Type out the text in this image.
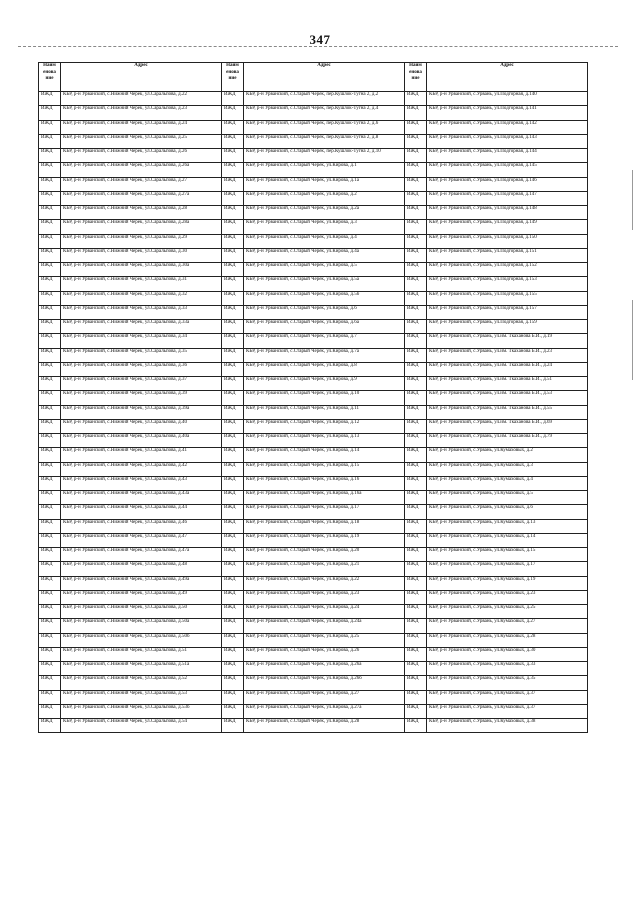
347
Наим енова ние	Адрес	Наим енова ние	Адрес	Наим енова ние	Адрес
ИЖД	КБР, р-н Урванский, с.Нижний Черек, ул.Саральпова, д.22	ИЖД	КБР, р-н Урванский, с.Старый Черек, пер.Кушлок-Тугна 2, д.2	ИЖД	КБР, р-н Урванский, с.Урвань, ул.Подгорная, д.140
ИЖД	КБР, р-н Урванский, с.Нижний Черек, ул.Саральпова, д.23	ИЖД	КБР, р-н Урванский, с.Старый Черек, пер.Кушлок-Тугна 2, д.4	ИЖД	КБР, р-н Урванский, с.Урвань, ул.Подгорная, д.141
ИЖД	КБР, р-н Урванский, с.Нижний Черек, ул.Саральпова, д.24	ИЖД	КБР, р-н Урванский, с.Старый Черек, пер.Кушлок-Тугна 2, д.6	ИЖД	КБР, р-н Урванский, с.Урвань, ул.Подгорная, д.142
ИЖД	КБР, р-н Урванский, с.Нижний Черек, ул.Саральпова, д.25	ИЖД	КБР, р-н Урванский, с.Старый Черек, пер.Кушлок-Тугна 2, д.8	ИЖД	КБР, р-н Урванский, с.Урвань, ул.Подгорная, д.143
ИЖД	КБР, р-н Урванский, с.Нижний Черек, ул.Саральпова, д.26	ИЖД	КБР, р-н Урванский, с.Старый Черек, пер.Кушлок-Тугна 2, д.10	ИЖД	КБР, р-н Урванский, с.Урвань, ул.Подгорная, д.144
ИЖД	КБР, р-н Урванский, с.Нижний Черек, ул.Саральпова, д.26а	ИЖД	КБР, р-н Урванский, с.Старый Черек, ул.Кирова, д.1	ИЖД	КБР, р-н Урванский, с.Урвань, ул.Подгорная, д.145
ИЖД	КБР, р-н Урванский, с.Нижний Черек, ул.Саральпова, д.27	ИЖД	КБР, р-н Урванский, с.Старый Черек, ул.Кирова, д.1а	ИЖД	КБР, р-н Урванский, с.Урвань, ул.Подгорная, д.146
ИЖД	КБР, р-н Урванский, с.Нижний Черек, ул.Саральпова, д.27а	ИЖД	КБР, р-н Урванский, с.Старый Черек, ул.Кирова, д.2	ИЖД	КБР, р-н Урванский, с.Урвань, ул.Подгорная, д.147
ИЖД	КБР, р-н Урванский, с.Нижний Черек, ул.Саральпова, д.28	ИЖД	КБР, р-н Урванский, с.Старый Черек, ул.Кирова, д.2а	ИЖД	КБР, р-н Урванский, с.Урвань, ул.Подгорная, д.148
ИЖД	КБР, р-н Урванский, с.Нижний Черек, ул.Саральпова, д.28а	ИЖД	КБР, р-н Урванский, с.Старый Черек, ул.Кирова, д.3	ИЖД	КБР, р-н Урванский, с.Урвань, ул.Подгорная, д.149
ИЖД	КБР, р-н Урванский, с.Нижний Черек, ул.Саральпова, д.29	ИЖД	КБР, р-н Урванский, с.Старый Черек, ул.Кирова, д.4	ИЖД	КБР, р-н Урванский, с.Урвань, ул.Подгорная, д.150
ИЖД	КБР, р-н Урванский, с.Нижний Черек, ул.Саральпова, д.30	ИЖД	КБР, р-н Урванский, с.Старый Черек, ул.Кирова, д.4а	ИЖД	КБР, р-н Урванский, с.Урвань, ул.Подгорная, д.151
ИЖД	КБР, р-н Урванский, с.Нижний Черек, ул.Саральпова, д.30а	ИЖД	КБР, р-н Урванский, с.Старый Черек, ул.Кирова, д.5	ИЖД	КБР, р-н Урванский, с.Урвань, ул.Подгорная, д.152
ИЖД	КБР, р-н Урванский, с.Нижний Черек, ул.Саральпова, д.31	ИЖД	КБР, р-н Урванский, с.Старый Черек, ул.Кирова, д.5а	ИЖД	КБР, р-н Урванский, с.Урвань, ул.Подгорная, д.153
ИЖД	КБР, р-н Урванский, с.Нижний Черек, ул.Саральпова, д.32	ИЖД	КБР, р-н Урванский, с.Старый Черек, ул.Кирова, д.5б	ИЖД	КБР, р-н Урванский, с.Урвань, ул.Подгорная, д.155
ИЖД	КБР, р-н Урванский, с.Нижний Черек, ул.Саральпова, д.33	ИЖД	КБР, р-н Урванский, с.Старый Черек, ул.Кирова, д.6	ИЖД	КБР, р-н Урванский, с.Урвань, ул.Подгорная, д.157
ИЖД	КБР, р-н Урванский, с.Нижний Черек, ул.Саральпова, д.33а	ИЖД	КБР, р-н Урванский, с.Старый Черек, ул.Кирова, д.6а	ИЖД	КБР, р-н Урванский, с.Урвань, ул.Подгорная, д.159
ИЖД	КБР, р-н Урванский, с.Нижний Черек, ул.Саральпова, д.34	ИЖД	КБР, р-н Урванский, с.Старый Черек, ул.Кирова, д.7	ИЖД	КБР, р-н Урванский, с.Урвань, ул.им. Ткаханова Б.И., д.19
ИЖД	КБР, р-н Урванский, с.Нижний Черек, ул.Саральпова, д.35	ИЖД	КБР, р-н Урванский, с.Старый Черек, ул.Кирова, д.7а	ИЖД	КБР, р-н Урванский, с.Урвань, ул.им. Ткаханова Б.И., д.23
ИЖД	КБР, р-н Урванский, с.Нижний Черек, ул.Саральпова, д.36	ИЖД	КБР, р-н Урванский, с.Старый Черек, ул.Кирова, д.8	ИЖД	КБР, р-н Урванский, с.Урвань, ул.им. Ткаханова Б.И., д.24
ИЖД	КБР, р-н Урванский, с.Нижний Черек, ул.Саральпова, д.37	ИЖД	КБР, р-н Урванский, с.Старый Черек, ул.Кирова, д.9	ИЖД	КБР, р-н Урванский, с.Урвань, ул.им. Ткаханова Б.И., д.51
ИЖД	КБР, р-н Урванский, с.Нижний Черек, ул.Саральпова, д.39	ИЖД	КБР, р-н Урванский, с.Старый Черек, ул.Кирова, д.10	ИЖД	КБР, р-н Урванский, с.Урвань, ул.им. Ткаханова Б.И., д.53
ИЖД	КБР, р-н Урванский, с.Нижний Черек, ул.Саральпова, д.39а	ИЖД	КБР, р-н Урванский, с.Старый Черек, ул.Кирова, д.11	ИЖД	КБР, р-н Урванский, с.Урвань, ул.им. Ткаханова Б.И., д.55
ИЖД	КБР, р-н Урванский, с.Нижний Черек, ул.Саральпова, д.40	ИЖД	КБР, р-н Урванский, с.Старый Черек, ул.Кирова, д.12	ИЖД	КБР, р-н Урванский, с.Урвань, ул.им. Ткаханова Б.И., д.69
ИЖД	КБР, р-н Урванский, с.Нижний Черек, ул.Саральпова, д.40а	ИЖД	КБР, р-н Урванский, с.Старый Черек, ул.Кирова, д.13	ИЖД	КБР, р-н Урванский, с.Урвань, ул.им. Ткаханова Б.И., д.79
ИЖД	КБР, р-н Урванский, с.Нижний Черек, ул.Саральпова, д.41	ИЖД	КБР, р-н Урванский, с.Старый Черек, ул.Кирова, д.14	ИЖД	КБР, р-н Урванский, с.Урвань, ул.Кумаховых, д.2
ИЖД	КБР, р-н Урванский, с.Нижний Черек, ул.Саральпова, д.42	ИЖД	КБР, р-н Урванский, с.Старый Черек, ул.Кирова, д.15	ИЖД	КБР, р-н Урванский, с.Урвань, ул.Кумаховых, д.3
ИЖД	КБР, р-н Урванский, с.Нижний Черек, ул.Саральпова, д.43	ИЖД	КБР, р-н Урванский, с.Старый Черек, ул.Кирова, д.16	ИЖД	КБР, р-н Урванский, с.Урвань, ул.Кумаховых, д.4
ИЖД	КБР, р-н Урванский, с.Нижний Черек, ул.Саральпова, д.43а	ИЖД	КБР, р-н Урванский, с.Старый Черек, ул.Кирова, д.16а	ИЖД	КБР, р-н Урванский, с.Урвань, ул.Кумаховых, д.5
ИЖД	КБР, р-н Урванский, с.Нижний Черек, ул.Саральпова, д.44	ИЖД	КБР, р-н Урванский, с.Старый Черек, ул.Кирова, д.17	ИЖД	КБР, р-н Урванский, с.Урвань, ул.Кумаховых, д.6
ИЖД	КБР, р-н Урванский, с.Нижний Черек, ул.Саральпова, д.46	ИЖД	КБР, р-н Урванский, с.Старый Черек, ул.Кирова, д.18	ИЖД	КБР, р-н Урванский, с.Урвань, ул.Кумаховых, д.13
ИЖД	КБР, р-н Урванский, с.Нижний Черек, ул.Саральпова, д.47	ИЖД	КБР, р-н Урванский, с.Старый Черек, ул.Кирова, д.19	ИЖД	КБР, р-н Урванский, с.Урвань, ул.Кумаховых, д.14
ИЖД	КБР, р-н Урванский, с.Нижний Черек, ул.Саральпова, д.47а	ИЖД	КБР, р-н Урванский, с.Старый Черек, ул.Кирова, д.20	ИЖД	КБР, р-н Урванский, с.Урвань, ул.Кумаховых, д.15
ИЖД	КБР, р-н Урванский, с.Нижний Черек, ул.Саральпова, д.48	ИЖД	КБР, р-н Урванский, с.Старый Черек, ул.Кирова, д.21	ИЖД	КБР, р-н Урванский, с.Урвань, ул.Кумаховых, д.17
ИЖД	КБР, р-н Урванский, с.Нижний Черек, ул.Саральпова, д.49а	ИЖД	КБР, р-н Урванский, с.Старый Черек, ул.Кирова, д.22	ИЖД	КБР, р-н Урванский, с.Урвань, ул.Кумаховых, д.19
ИЖД	КБР, р-н Урванский, с.Нижний Черек, ул.Саральпова, д.49	ИЖД	КБР, р-н Урванский, с.Старый Черек, ул.Кирова, д.23	ИЖД	КБР, р-н Урванский, с.Урвань, ул.Кумаховых, д.23
ИЖД	КБР, р-н Урванский, с.Нижний Черек, ул.Саральпова, д.50	ИЖД	КБР, р-н Урванский, с.Старый Черек, ул.Кирова, д.24	ИЖД	КБР, р-н Урванский, с.Урвань, ул.Кумаховых, д.25
ИЖД	КБР, р-н Урванский, с.Нижний Черек, ул.Саральпова, д.50а	ИЖД	КБР, р-н Урванский, с.Старый Черек, ул.Кирова, д.24а	ИЖД	КБР, р-н Урванский, с.Урвань, ул.Кумаховых, д.27
ИЖД	КБР, р-н Урванский, с.Нижний Черек, ул.Саральпова, д.50б	ИЖД	КБР, р-н Урванский, с.Старый Черек, ул.Кирова, д.25	ИЖД	КБР, р-н Урванский, с.Урвань, ул.Кумаховых, д.28
ИЖД	КБР, р-н Урванский, с.Нижний Черек, ул.Саральпова, д.51	ИЖД	КБР, р-н Урванский, с.Старый Черек, ул.Кирова, д.26	ИЖД	КБР, р-н Урванский, с.Урвань, ул.Кумаховых, д.30
ИЖД	КБР, р-н Урванский, с.Нижний Черек, ул.Саральпова, д.51а	ИЖД	КБР, р-н Урванский, с.Старый Черек, ул.Кирова, д.26а	ИЖД	КБР, р-н Урванский, с.Урвань, ул.Кумаховых, д.33
ИЖД	КБР, р-н Урванский, с.Нижний Черек, ул.Саральпова, д.52	ИЖД	КБР, р-н Урванский, с.Старый Черек, ул.Кирова, д.26б	ИЖД	КБР, р-н Урванский, с.Урвань, ул.Кумаховых, д.35
ИЖД	КБР, р-н Урванский, с.Нижний Черек, ул.Саральпова, д.53	ИЖД	КБР, р-н Урванский, с.Старый Черек, ул.Кирова, д.27	ИЖД	КБР, р-н Урванский, с.Урвань, ул.Кумаховых, д.37
ИЖД	КБР, р-н Урванский, с.Нижний Черек, ул.Саральпова, д.53б	ИЖД	КБР, р-н Урванский, с.Старый Черек, ул.Кирова, д.27а	ИЖД	КБР, р-н Урванский, с.Урвань, ул.Кумаховых, д.37
ИЖД	КБР, р-н Урванский, с.Нижний Черек, ул.Саральпова, д.54	ИЖД	КБР, р-н Урванский, с.Старый Черек, ул.Кирова, д.28	ИЖД	КБР, р-н Урванский, с.Урвань, ул.Кумаховых, д.38
